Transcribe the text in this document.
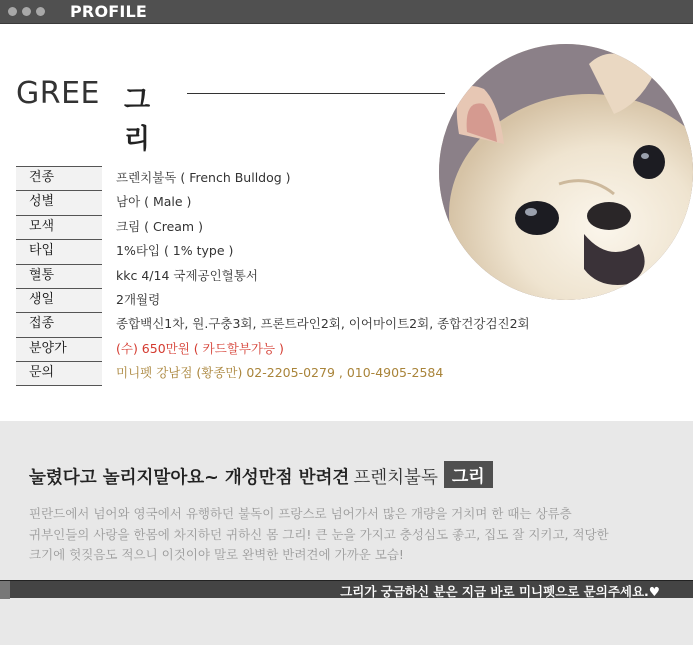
PROFILE
GREE 그리
견종	프렌치불독 ( French Bulldog )
성별	남아 ( Male )
모색	크림 ( Cream )
타입	1%타입 ( 1% type )
혈통	kkc 4/14 국제공인혈통서
생일	2개월령
접종	종합백신1차, 원.구충3회, 프론트라인2회, 이어마이트2회, 종합건강검진2회
분양가	(수) 650만원 ( 카드할부가능 )
문의	미니펫 강남점 (황종만) 02-2205-0279 , 010-4905-2584
눌렸다고 놀리지말아요~ 개성만점 반려견 프렌치불독 그리
핀란드에서 넘어와 영국에서 유행하던 불독이 프랑스로 넘어가서 많은 개량을 거치며 한 때는 상류층
귀부인들의 사랑을 한몸에 차지하던 귀하신 몸 그리! 큰 눈을 가지고 충성심도 좋고, 집도 잘 지키고, 적당한
크기에 헛짖음도 적으니 이것이야 말로 완벽한 반려견에 가까운 모습!
그리가 궁금하신 분은 지금 바로 미니펫으로 문의주세요.♥
